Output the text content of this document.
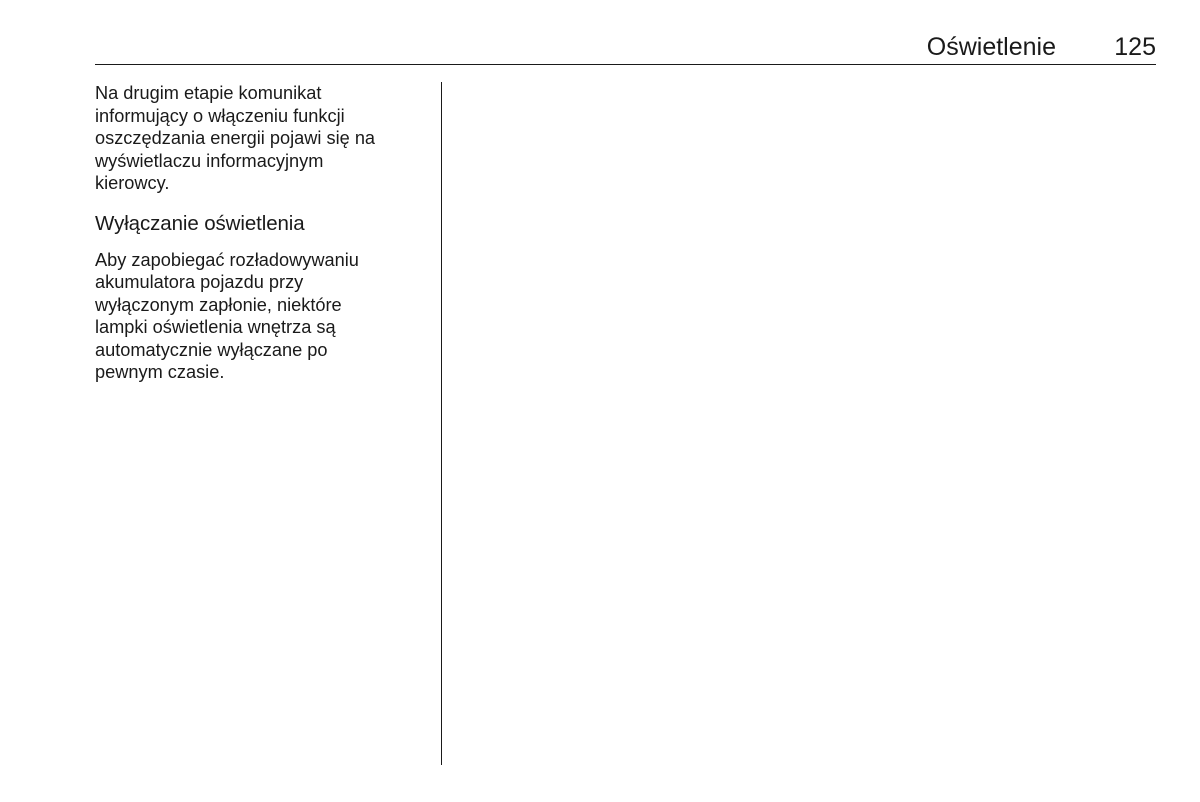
Oświetlenie 125

Na drugim etapie komunikat
informujący o włączeniu funkcji
oszczędzania energii pojawi się na
wyświetlaczu informacyjnym
kierowcy.

Wyłączanie oświetlenia

Aby zapobiegać rozładowywaniu
akumulatora pojazdu przy
wyłączonym zapłonie, niektóre
lampki oświetlenia wnętrza są
automatycznie wyłączane po
pewnym czasie.
